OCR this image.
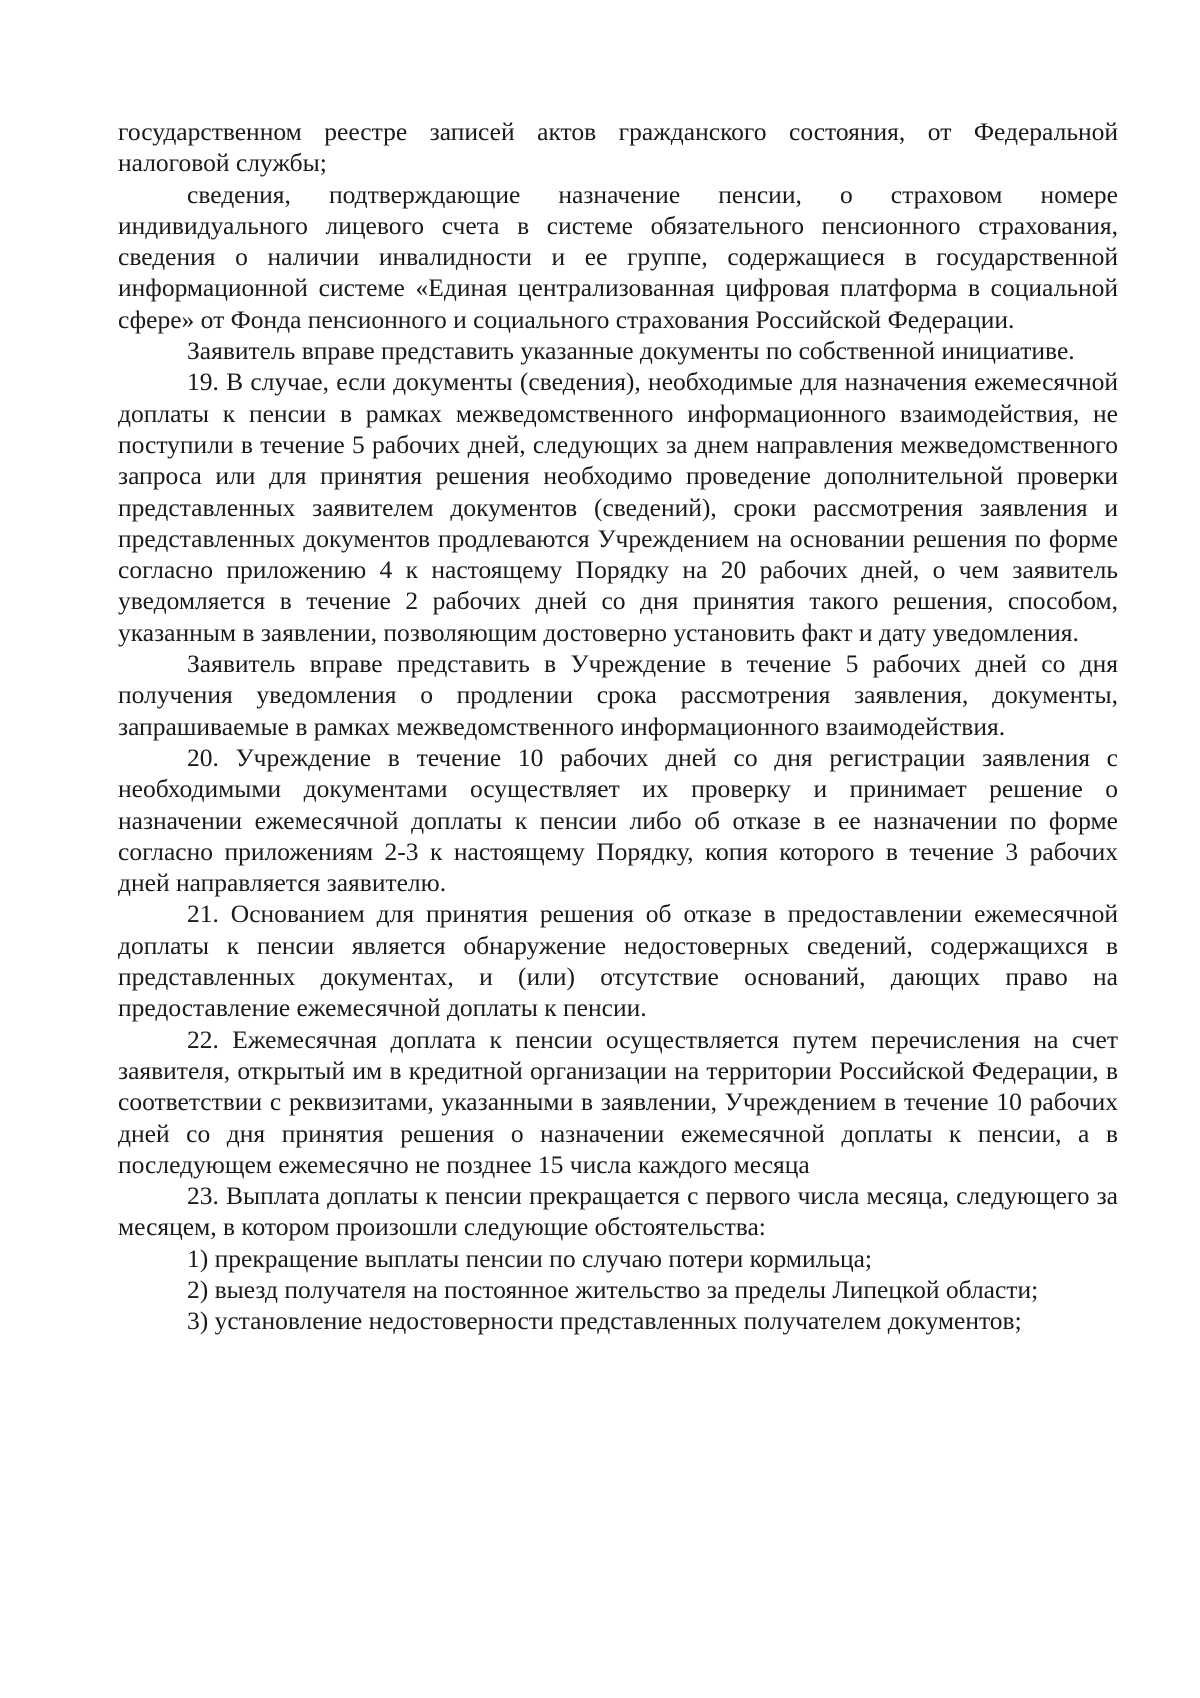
государственном реестре записей актов гражданского состояния, от Федеральной налоговой службы;

сведения, подтверждающие назначение пенсии, о страховом номере индивидуального лицевого счета в системе обязательного пенсионного страхования, сведения о наличии инвалидности и ее группе, содержащиеся в государственной информационной системе «Единая централизованная цифровая платформа в социальной сфере» от Фонда пенсионного и социального страхования Российской Федерации.

Заявитель вправе представить указанные документы по собственной инициативе.

19. В случае, если документы (сведения), необходимые для назначения ежемесячной доплаты к пенсии в рамках межведомственного информационного взаимодействия, не поступили в течение 5 рабочих дней, следующих за днем направления межведомственного запроса или для принятия решения необходимо проведение дополнительной проверки представленных заявителем документов (сведений), сроки рассмотрения заявления и представленных документов продлеваются Учреждением на основании решения по форме согласно приложению 4 к настоящему Порядку на 20 рабочих дней, о чем заявитель уведомляется в течение 2 рабочих дней со дня принятия такого решения, способом, указанным в заявлении, позволяющим достоверно установить факт и дату уведомления.

Заявитель вправе представить в Учреждение в течение 5 рабочих дней со дня получения уведомления о продлении срока рассмотрения заявления, документы, запрашиваемые в рамках межведомственного информационного взаимодействия.

20. Учреждение в течение 10 рабочих дней со дня регистрации заявления с необходимыми документами осуществляет их проверку и принимает решение о назначении ежемесячной доплаты к пенсии либо об отказе в ее назначении по форме согласно приложениям 2-3 к настоящему Порядку, копия которого в течение 3 рабочих дней направляется заявителю.

21. Основанием для принятия решения об отказе в предоставлении ежемесячной доплаты к пенсии является обнаружение недостоверных сведений, содержащихся в представленных документах, и (или) отсутствие оснований, дающих право на предоставление ежемесячной доплаты к пенсии.

22. Ежемесячная доплата к пенсии осуществляется путем перечисления на счет заявителя, открытый им в кредитной организации на территории Российской Федерации, в соответствии с реквизитами, указанными в заявлении, Учреждением в течение 10 рабочих дней со дня принятия решения о назначении ежемесячной доплаты к пенсии, а в последующем ежемесячно не позднее 15 числа каждого месяца

23. Выплата доплаты к пенсии прекращается с первого числа месяца, следующего за месяцем, в котором произошли следующие обстоятельства:

1) прекращение выплаты пенсии по случаю потери кормильца;

2) выезд получателя на постоянное жительство за пределы Липецкой области;

3) установление недостоверности представленных получателем документов;
